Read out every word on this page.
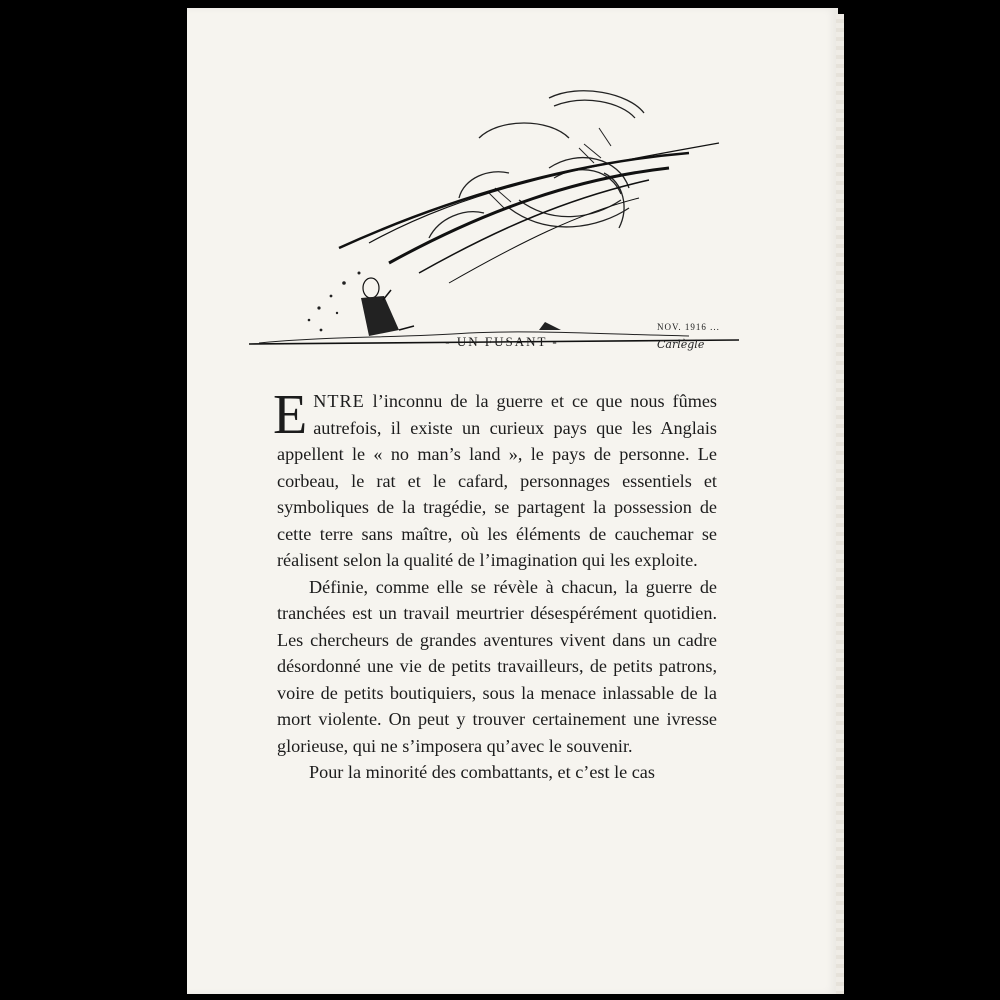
NOV. 1916 ...
- UN FUSANT -	Carlègle

ENTRE l’inconnu de la guerre et ce que nous fûmes autrefois, il existe un curieux pays que les Anglais appellent le « no man’s land », le pays de personne. Le corbeau, le rat et le cafard, personnages essentiels et symboliques de la tragédie, se partagent la possession de cette terre sans maître, où les éléments de cauchemar se réalisent selon la qualité de l’imagination qui les exploite.

Définie, comme elle se révèle à chacun, la guerre de tranchées est un travail meurtrier désespérément quotidien. Les chercheurs de grandes aventures vivent dans un cadre désordonné une vie de petits travailleurs, de petits patrons, voire de petits boutiquiers, sous la menace inlassable de la mort violente. On peut y trouver certainement une ivresse glorieuse, qui ne s’imposera qu’avec le souvenir.

Pour la minorité des combattants, et c’est le cas
